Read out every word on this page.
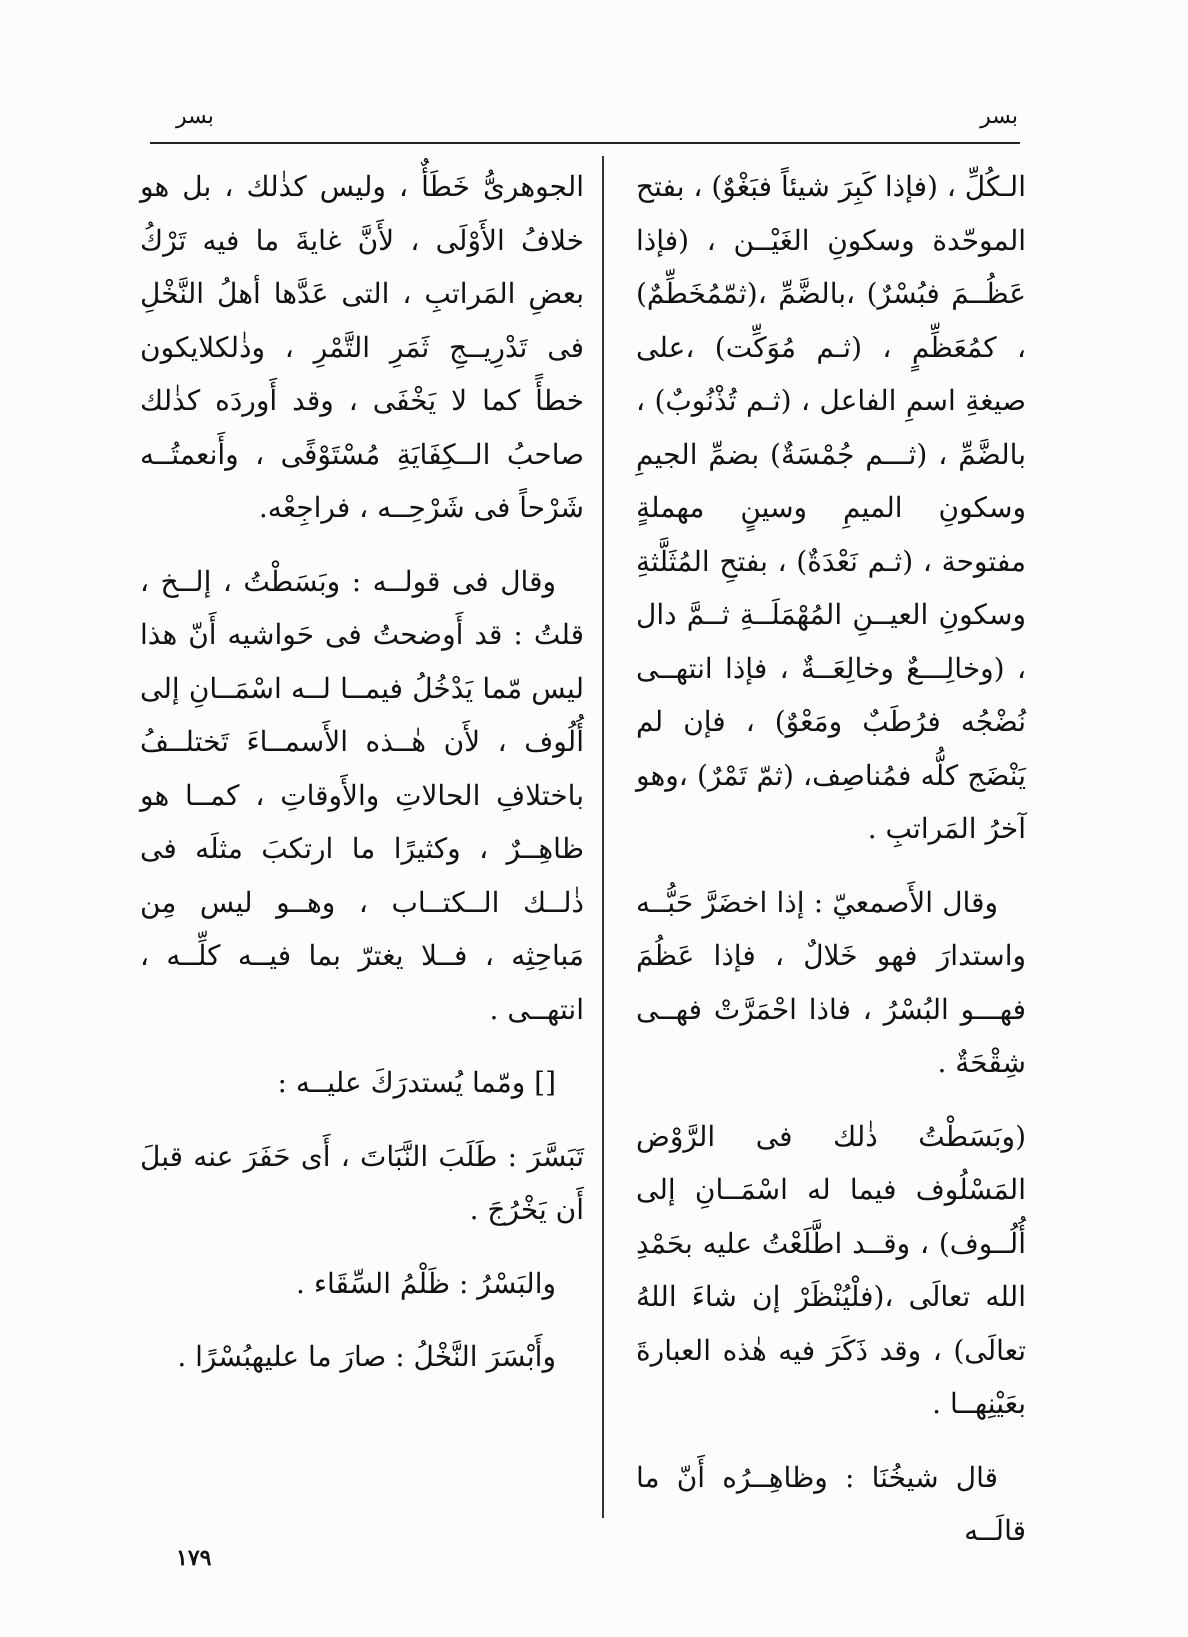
بسر
بسر

الـكُلِّ ، (فإذا كَبِرَ شيئاً فبَغْوٌ) ، بفتح الموحّدة وسكونِ الغَيْــن ، (فإذا عَظُــمَ فبُسْرٌ) ،بالضَّمِّ ،(ثمّمُخَطِّمٌ) ، كمُعَظِّمٍ ، (ثـم مُوَكِّت) ،على صيغةِ اسمِ الفاعل ، (ثـم تُذْنُوبٌ) ، بالضَّمِّ ، (ثـــم جُمْسَةٌ) بضمِّ الجيمِ وسكونِ الميمِ وسينٍ مهملةٍ مفتوحة ، (ثـم نَعْدَةٌ) ، بفتحِ المُثَلَّثةِ وسكونِ العيــنِ المُهْمَلَــةِ ثــمَّ دال ، (وخالِـــعٌ وخالِعَــةٌ ، فإذا انتهــى نُضْجُه فرُطَبٌ ومَعْوٌ) ، فإن لم يَنْضَج كلُّه فمُناصِف، (ثمّ تَمْرٌ) ،وهو آخرُ المَراتبِ .

وقال الأَصمعيّ : إذا اخضَرَّ حَبُّــه واستدارَ فهو خَلالٌ ، فإذا عَظُمَ فهـــو البُسْرُ ، فاذا احْمَرَّتْ فهــى شِقْحَةٌ .

(وبَسَطْتُ ذٰلك فى الرَّوْض المَسْلُوف فيما له اسْمَــانِ إلى أُلُــوف) ، وقــد اطَّلَعْتُ عليه بحَمْدِ الله تعالَى ،(فلْيُنْظَرْ إن شاءَ اللهُ تعالَى) ، وقد ذَكَرَ فيه هٰذه العبارةَ بعَيْنِهــا .

قال شيخُنَا : وظاهِــرُه أَنّ ما قالَــه

الجوهرىُّ خَطَأٌ ، وليس كذٰلك ، بل هو خلافُ الأَوْلَى ، لأَنَّ غايةَ ما فيه تَرْكُ بعضِ المَراتبِ ، التى عَدَّها أهلُ النَّخْلِ فى تَدْرِيــجِ ثَمَرِ التَّمْرِ ، وذٰلكلايكون خطأً كما لا يَخْفَى ، وقد أَوردَه كذٰلك صاحبُ الــكِفَايَةِ مُسْتَوْفًى ، وأَنعمتُــه شَرْحاً فى شَرْحِــه ، فراجِعْه.

وقال فى قولــه : وبَسَطْتُ ، إلــخ ، قلتُ : قد أَوضحتُ فى حَواشيه أَنّ هذا ليس مّما يَدْخُلُ فيمــا لــه اسْمَــانِ إلى أُلُوف ، لأَن هٰــذه الأَسمــاءَ تَختلــفُ باختلافِ الحالاتِ والأَوقاتِ ، كمــا هو ظاهِــرٌ ، وكثيرًا ما ارتكبَ مثلَه فى ذٰلــك الــكتــاب ، وهــو ليس مِن مَباحِثِه ، فــلا يغترّ بما فيــه كلِّــه ، انتهــى .

[] ومّما يُستدرَكَ عليــه :

تَبَسَّرَ : طَلَبَ النَّبَاتَ ، أَى حَفَرَ عنه قبلَ أَن يَخْرُجَ .

والبَسْرُ : ظَلْمُ السِّقَاء .

وأَبْسَرَ النَّخْلُ : صارَ ما عليهبُسْرًا .

١٧٩
